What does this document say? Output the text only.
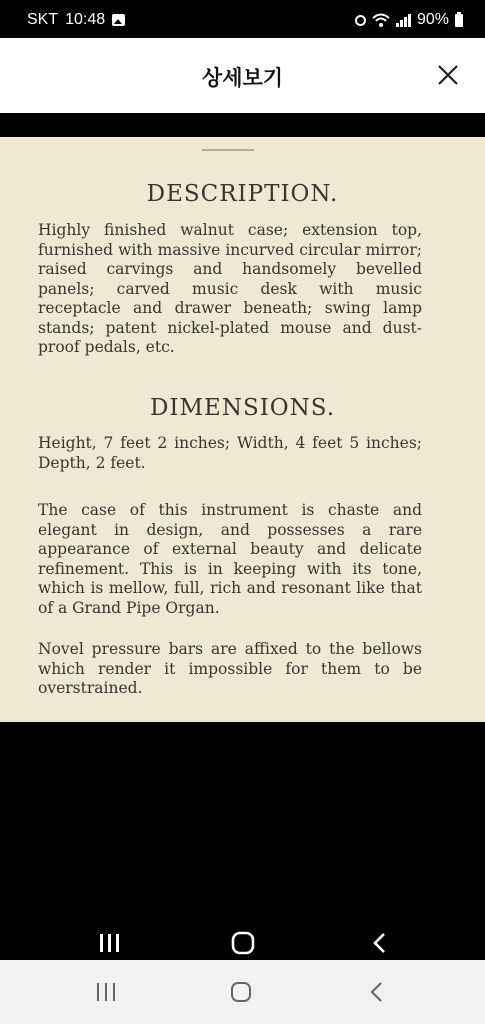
SKT 10:48	90%
상세보기
DESCRIPTION.

Highly finished walnut case; extension top, furnished with massive incurved circular mirror; raised carvings and handsomely bevelled panels; carved music desk with music receptacle and drawer beneath; swing lamp stands; patent nickel-plated mouse and dust-proof pedals, etc.

DIMENSIONS.

Height, 7 feet 2 inches; Width, 4 feet 5 inches; Depth, 2 feet.

The case of this instrument is chaste and elegant in design, and possesses a rare appearance of external beauty and delicate refinement. This is in keeping with its tone, which is mellow, full, rich and resonant like that of a Grand Pipe Organ.

Novel pressure bars are affixed to the bellows which render it impossible for them to be overstrained.
